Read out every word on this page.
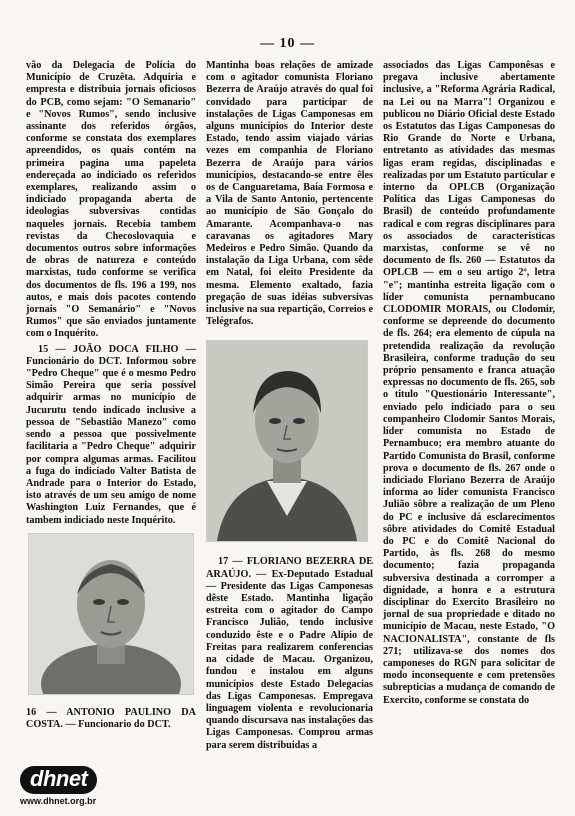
— 10 —

vão da Delegacia de Polícia do Município de Cruzêta. Adquiria e empresta e distribuia jornais oficiosos do PCB, como sejam: "O Semanario" e "Novos Rumos", sendo inclusive assinante dos referidos órgãos, conforme se constata dos exemplares apreendidos, os quais contém na primeira pagina uma papeleta endereçada ao indiciado os referidos exemplares, realizando assim o indiciado propaganda aberta de ideologias subversivas contidas naqueles jornais. Recebia tambem revistas da Checoslovaquia e documentos outros sobre informações de obras de natureza e conteúdo marxistas, tudo conforme se verifica dos documentos de fls. 196 a 199, nos autos, e mais dois pacotes contendo jornais "O Semanário" e "Novos Rumos" que são enviados juntamente com o Inquérito.

15 — JOÃO DOCA FILHO — Funcionário do DCT. Informou sobre "Pedro Cheque" que é o mesmo Pedro Simão Pereira que seria possível adquirir armas no município de Jucurutu tendo indicado inclusive a pessoa de "Sebastião Manezo" como sendo a pessoa que possivelmente facilitaria a "Pedro Cheque" adquirir por compra algumas armas. Facilitou a fuga do indiciado Valter Batista de Andrade para o Interior do Estado, isto através de um seu amigo de nome Washington Luiz Fernandes, que é tambem indiciado neste Inquérito.

16 — ANTONIO PAULINO DA COSTA. — Funcionario do DCT.

Mantinha boas relações de amizade com o agitador comunista Floriano Bezerra de Araújo através do qual foi convidado para participar de instalações de Ligas Camponesas em alguns municípios do Interior deste Estado, tendo assim viajado várias vezes em companhia de Floriano Bezerra de Araújo para vários municípios, destacando-se entre êles os de Canguaretama, Baía Formosa e a Vila de Santo Antonio, pertencente ao município de São Gonçalo do Amarante. Acompanhava-o nas caravanas os agitadores Mary Medeiros e Pedro Simão. Quando da instalação da Liga Urbana, com sêde em Natal, foi eleito Presidente da mesma. Elemento exaltado, fazia pregação de suas idéias subversivas inclusive na sua repartição, Correios e Telégrafos.

17 — FLORIANO BEZERRA DE ARAÚJO. — Ex-Deputado Estadual — Presidente das Ligas Camponesas dêste Estado. Mantinha ligação estreita com o agitador do Campo Francisco Julião, tendo inclusive conduzido êste e o Padre Alípio de Freitas para realizarem conferencias na cidade de Macau. Organizou, fundou e instalou em alguns municípios deste Estado Delegacias das Ligas Camponesas. Empregava linguagem violenta e revolucionaria quando discursava nas instalações das Ligas Camponesas. Comprou armas para serem distribuidas a

associados das Ligas Camponêsas e pregava inclusive abertamente inclusive, a "Reforma Agrária Radical, na Lei ou na Marra"! Organizou e publicou no Diário Oficial deste Estado os Estatutos das Ligas Camponesas do Rio Grande do Norte e Urbana, entretanto as atividades das mesmas ligas eram regidas, disciplinadas e realizadas por um Estatuto particular e interno da OPLCB (Organização Política das Ligas Camponesas do Brasil) de conteúdo profundamente radical e com regras disciplinares para os associados de caracteristicas marxistas, conforme se vê no documento de fls. 260 — Estatutos da OPLCB — em o seu artigo 2º, letra "e"; mantinha estreita ligação com o líder comunista pernambucano CLODOMIR MORAIS, ou Clodomir, conforme se depreende do documento de fls. 264; era elemento de cúpula na pretendida realização da revolução Brasileira, conforme tradução do seu próprio pensamento e franca atuação expressas no documento de fls. 265, sob o titulo "Questionário Interessante", enviado pelo indiciado para o seu companheiro Clodomir Santos Morais, líder comunista no Estado de Pernambuco; era membro atuante do Partido Comunista do Brasil, conforme prova o documento de fls. 267 onde o indiciado Floriano Bezerra de Araújo informa ao líder comunista Francisco Julião sôbre a realização de um Pleno do PC e inclusive dá esclarecimentos sôbre atividades do Comitê Estadual do PC e do Comitê Nacional do Partido, às fls. 268 do mesmo documento; fazia propaganda subversiva destinada a corromper a dignidade, a honra e a estrutura disciplinar do Exercito Brasileiro no jornal de sua propriedade e ditado no município de Macau, neste Estado, "O NACIONALISTA", constante de fls 271; utilizava-se dos nomes dos camponeses do RGN para solicitar de modo inconsequente e com pretensões subrepticias a mudança de comando de Exercito, conforme se constata do

dhnet
www.dhnet.org.br
